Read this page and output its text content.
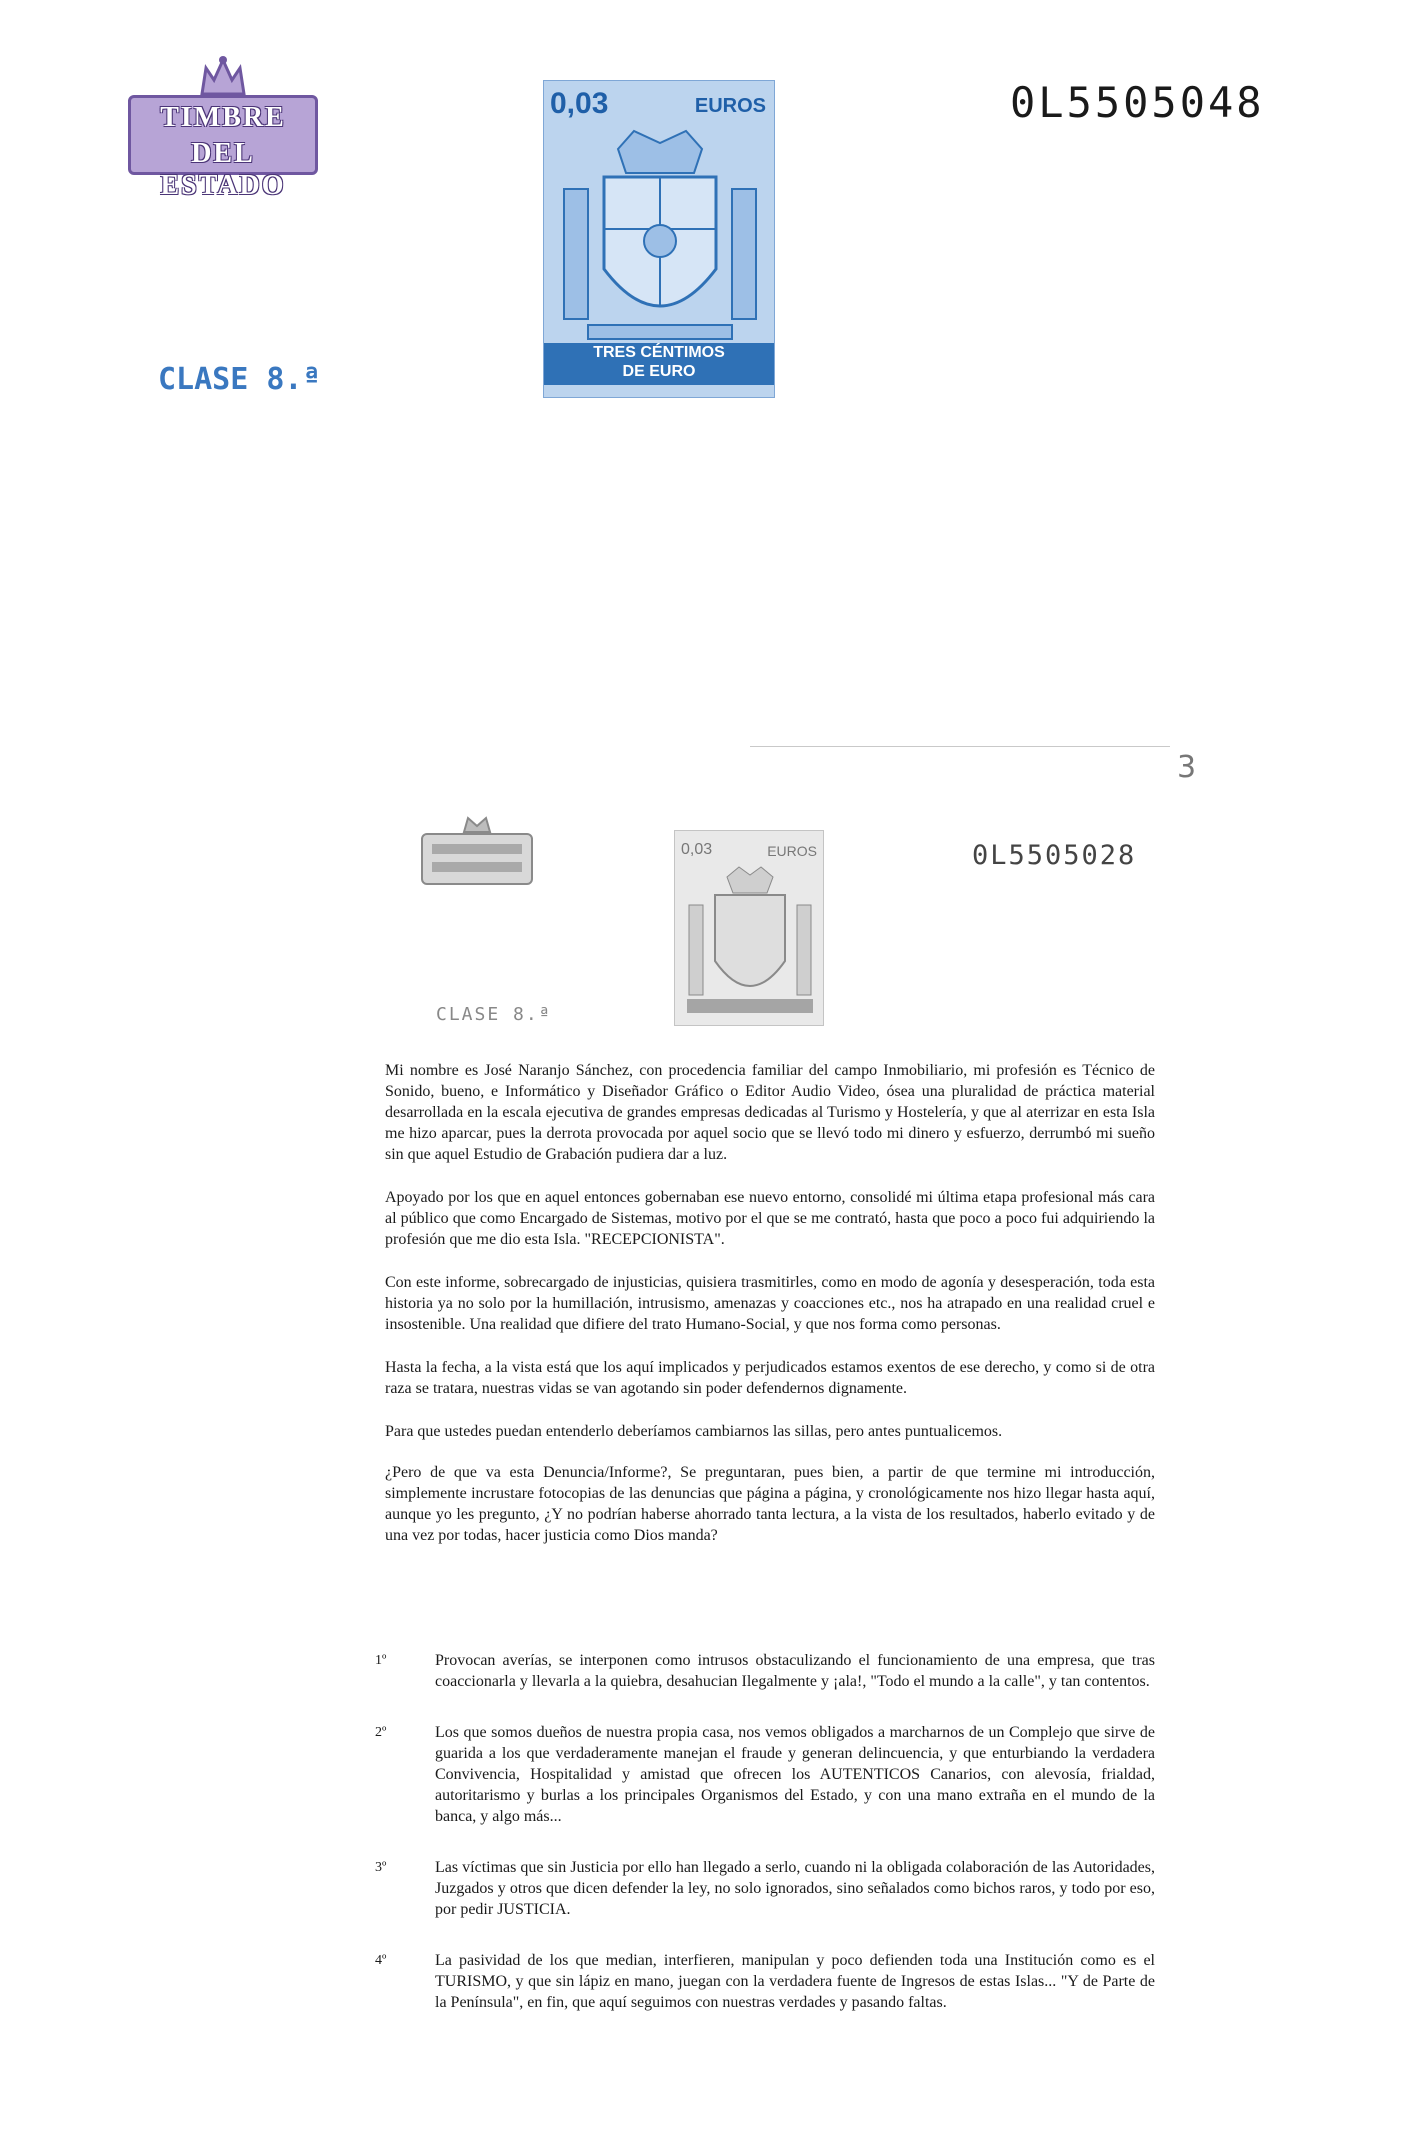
TIMBRE
DEL ESTADO
0,03	EUROS
TRES CÉNTIMOS
DE EURO
0L5505048
CLASE 8.ª
3
0,03	EUROS	0L5505028
CLASE 8.ª

Mi nombre es José Naranjo Sánchez, con procedencia familiar del campo Inmobiliario, mi profesión es Técnico de Sonido, bueno, e Informático y Diseñador Gráfico o Editor Audio Video, ósea una pluralidad de práctica material desarrollada en la escala ejecutiva de grandes empresas dedicadas al Turismo y Hostelería, y que al aterrizar en esta Isla me hizo aparcar, pues la derrota provocada por aquel socio que se llevó todo mi dinero y esfuerzo, derrumbó mi sueño sin que aquel Estudio de Grabación pudiera dar a luz.

Apoyado por los que en aquel entonces gobernaban ese nuevo entorno, consolidé mi última etapa profesional más cara al público que como Encargado de Sistemas, motivo por el que se me contrató, hasta que poco a poco fui adquiriendo la profesión que me dio esta Isla. "RECEPCIONISTA".

Con este informe, sobrecargado de injusticias, quisiera trasmitirles, como en modo de agonía y desesperación, toda esta historia ya no solo por la humillación, intrusismo, amenazas y coacciones etc., nos ha atrapado en una realidad cruel e insostenible. Una realidad que difiere del trato Humano-Social, y que nos forma como personas.

Hasta la fecha, a la vista está que los aquí implicados y perjudicados estamos exentos de ese derecho, y como si de otra raza se tratara, nuestras vidas se van agotando sin poder defendernos dignamente.

Para que ustedes puedan entenderlo deberíamos cambiarnos las sillas, pero antes puntualicemos.

¿Pero de que va esta Denuncia/Informe?, Se preguntaran, pues bien, a partir de que termine mi introducción, simplemente incrustare fotocopias de las denuncias que página a página, y cronológicamente nos hizo llegar hasta aquí, aunque yo les pregunto, ¿Y no podrían haberse ahorrado tanta lectura, a la vista de los resultados, haberlo evitado y de una vez por todas, hacer justicia como Dios manda?

1º	Provocan averías, se interponen como intrusos obstaculizando el funcionamiento de una empresa, que tras coaccionarla y llevarla a la quiebra, desahucian Ilegalmente y ¡ala!, "Todo el mundo a la calle", y tan contentos.
2º	Los que somos dueños de nuestra propia casa, nos vemos obligados a marcharnos de un Complejo que sirve de guarida a los que verdaderamente manejan el fraude y generan delincuencia, y que enturbiando la verdadera Convivencia, Hospitalidad y amistad que ofrecen los AUTENTICOS Canarios, con alevosía, frialdad, autoritarismo y burlas a los principales Organismos del Estado, y con una mano extraña en el mundo de la banca, y algo más...
3º	Las víctimas que sin Justicia por ello han llegado a serlo, cuando ni la obligada colaboración de las Autoridades, Juzgados y otros que dicen defender la ley, no solo ignorados, sino señalados como bichos raros, y todo por eso, por pedir JUSTICIA.
4º	La pasividad de los que median, interfieren, manipulan y poco defienden toda una Institución como es el TURISMO, y que sin lápiz en mano, juegan con la verdadera fuente de Ingresos de estas Islas... "Y de Parte de la Península", en fin, que aquí seguimos con nuestras verdades y pasando faltas.
